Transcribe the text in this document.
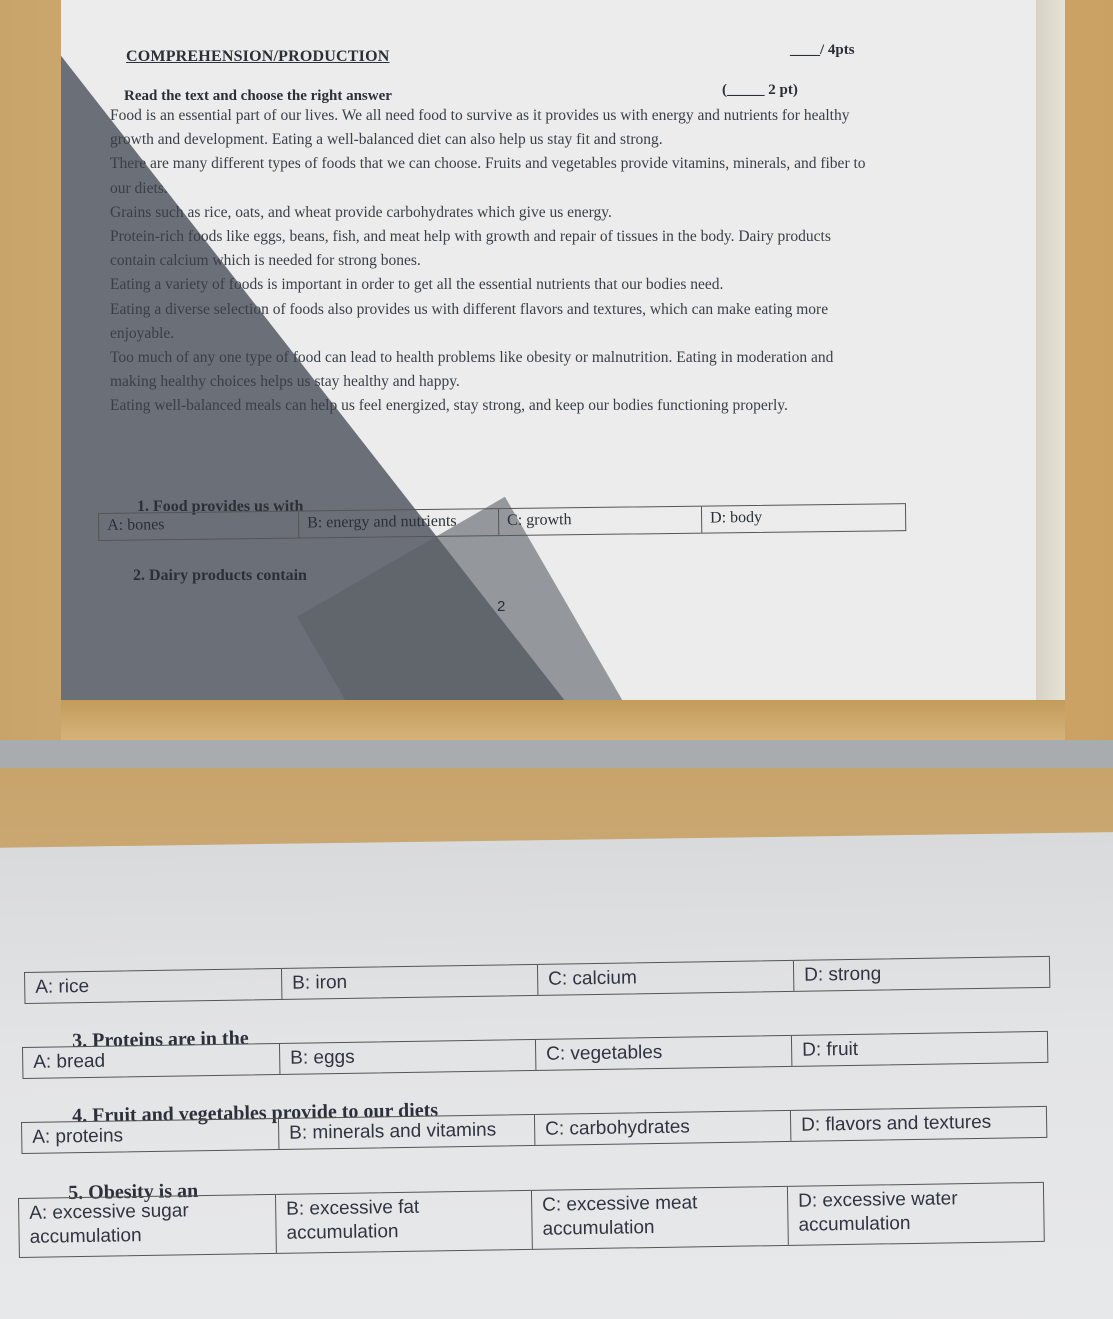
COMPREHENSION/PRODUCTION	____/ 4pts
Read the text and choose the right answer	(_____ 2 pt)

Food is an essential part of our lives. We all need food to survive as it provides us with energy and nutrients for healthy growth and development. Eating a well-balanced diet can also help us stay fit and strong.

There are many different types of foods that we can choose. Fruits and vegetables provide vitamins, minerals, and fiber to our diets.

Grains such as rice, oats, and wheat provide carbohydrates which give us energy.

Protein-rich foods like eggs, beans, fish, and meat help with growth and repair of tissues in the body. Dairy products contain calcium which is needed for strong bones.

Eating a variety of foods is important in order to get all the essential nutrients that our bodies need.

Eating a diverse selection of foods also provides us with different flavors and textures, which can make eating more enjoyable.

Too much of any one type of food can lead to health problems like obesity or malnutrition. Eating in moderation and making healthy choices helps us stay healthy and happy.

Eating well-balanced meals can help us feel energized, stay strong, and keep our bodies functioning properly.

1. Food provides us with
A: bones	B: energy and nutrients	C: growth	D: body
2. Dairy products contain
2
A: rice	B: iron	C: calcium	D: strong
3. Proteins are in the
A: bread	B: eggs	C: vegetables	D: fruit
4. Fruit and vegetables provide to our diets
A: proteins	B: minerals and vitamins	C: carbohydrates	D: flavors and textures
5. Obesity is an
A: excessive sugar accumulation
B: excessive fat accumulation
C: excessive meat accumulation
D: excessive water accumulation
